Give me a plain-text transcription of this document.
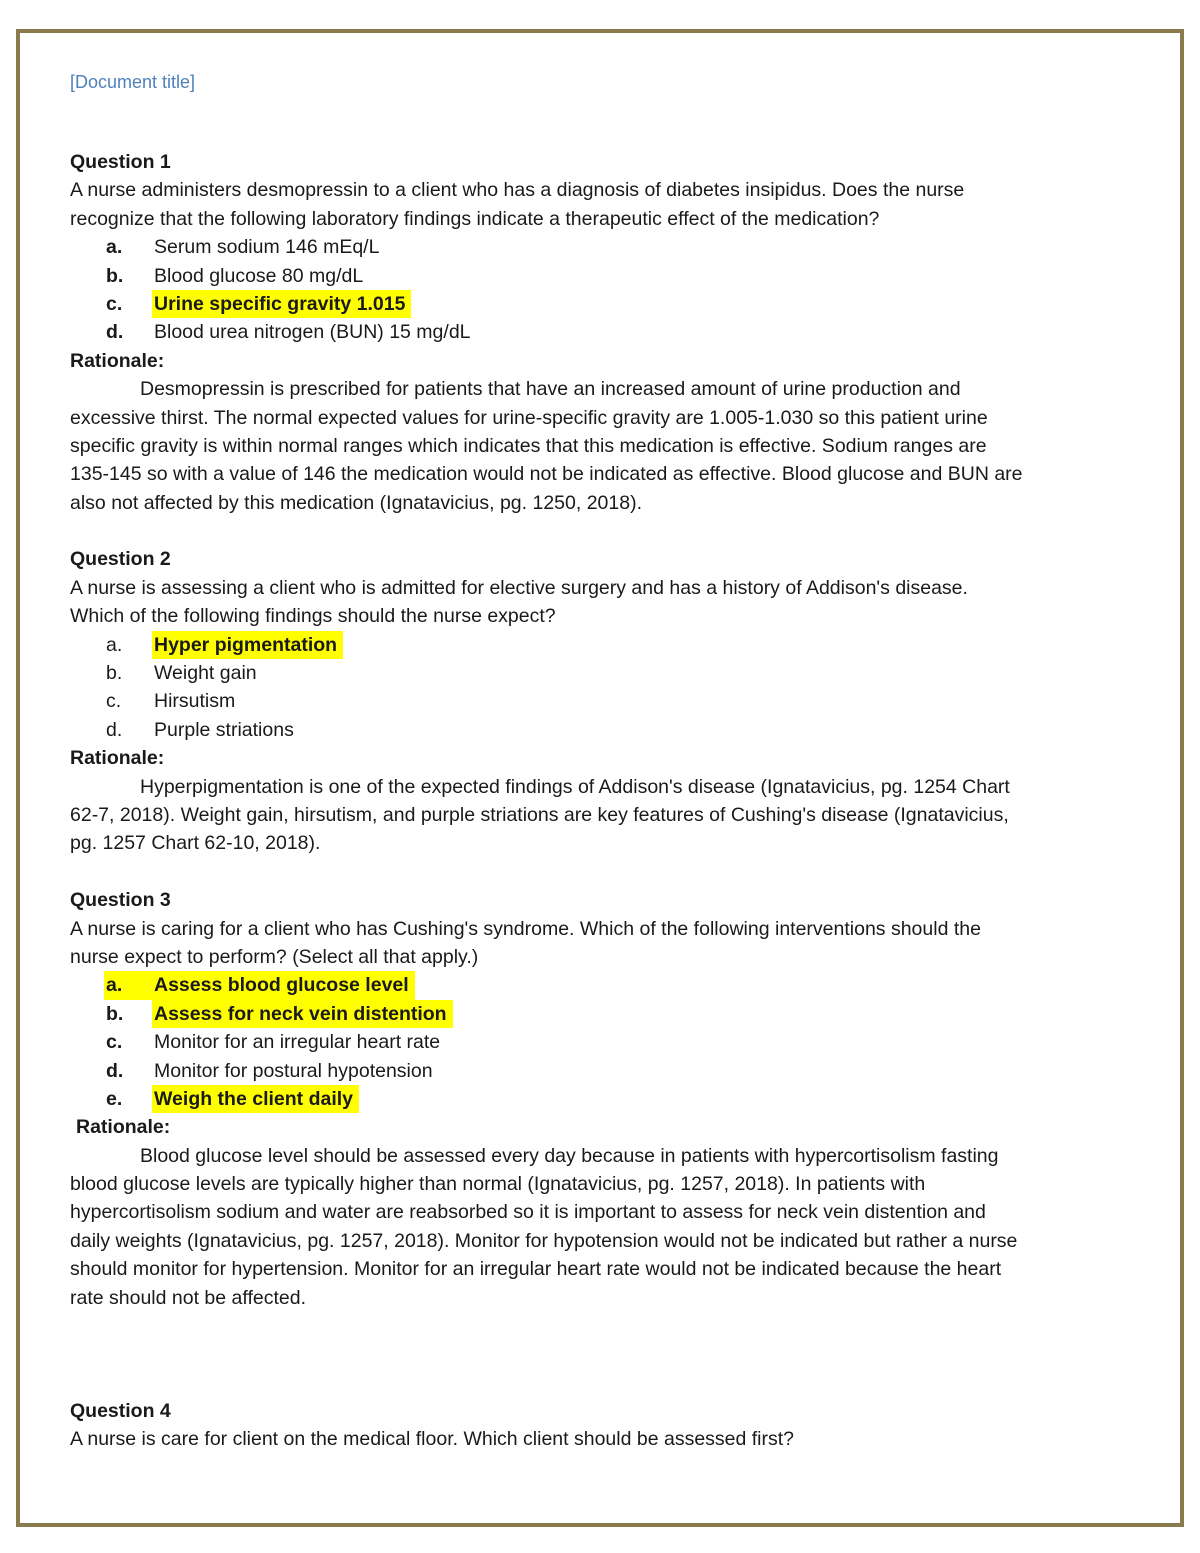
[Document title]
Question 1
A nurse administers desmopressin to a client who has a diagnosis of diabetes insipidus. Does the nurse
recognize that the following laboratory findings indicate a therapeutic effect of the medication?
a.	Serum sodium 146 mEq/L
b.	Blood glucose 80 mg/dL
c.	Urine specific gravity 1.015
d.	Blood urea nitrogen (BUN) 15 mg/dL
Rationale:
Desmopressin is prescribed for patients that have an increased amount of urine production and
excessive thirst. The normal expected values for urine-specific gravity are 1.005-1.030 so this patient urine
specific gravity is within normal ranges which indicates that this medication is effective. Sodium ranges are
135-145 so with a value of 146 the medication would not be indicated as effective. Blood glucose and BUN are
also not affected by this medication (Ignatavicius, pg. 1250, 2018).
Question 2
A nurse is assessing a client who is admitted for elective surgery and has a history of Addison's disease.
Which of the following findings should the nurse expect?
a.	Hyper pigmentation
b.	Weight gain
c.	Hirsutism
d.	Purple striations
Rationale:
Hyperpigmentation is one of the expected findings of Addison's disease (Ignatavicius, pg. 1254 Chart
62-7, 2018). Weight gain, hirsutism, and purple striations are key features of Cushing's disease (Ignatavicius,
pg. 1257 Chart 62-10, 2018).
Question 3
A nurse is caring for a client who has Cushing's syndrome. Which of the following interventions should the
nurse expect to perform? (Select all that apply.)
a.	Assess blood glucose level
b.	Assess for neck vein distention
c.	Monitor for an irregular heart rate
d.	Monitor for postural hypotension
e.	Weigh the client daily
Rationale:
Blood glucose level should be assessed every day because in patients with hypercortisolism fasting
blood glucose levels are typically higher than normal (Ignatavicius, pg. 1257, 2018). In patients with
hypercortisolism sodium and water are reabsorbed so it is important to assess for neck vein distention and
daily weights (Ignatavicius, pg. 1257, 2018). Monitor for hypotension would not be indicated but rather a nurse
should monitor for hypertension. Monitor for an irregular heart rate would not be indicated because the heart
rate should not be affected.
Question 4
A nurse is care for client on the medical floor. Which client should be assessed first?
